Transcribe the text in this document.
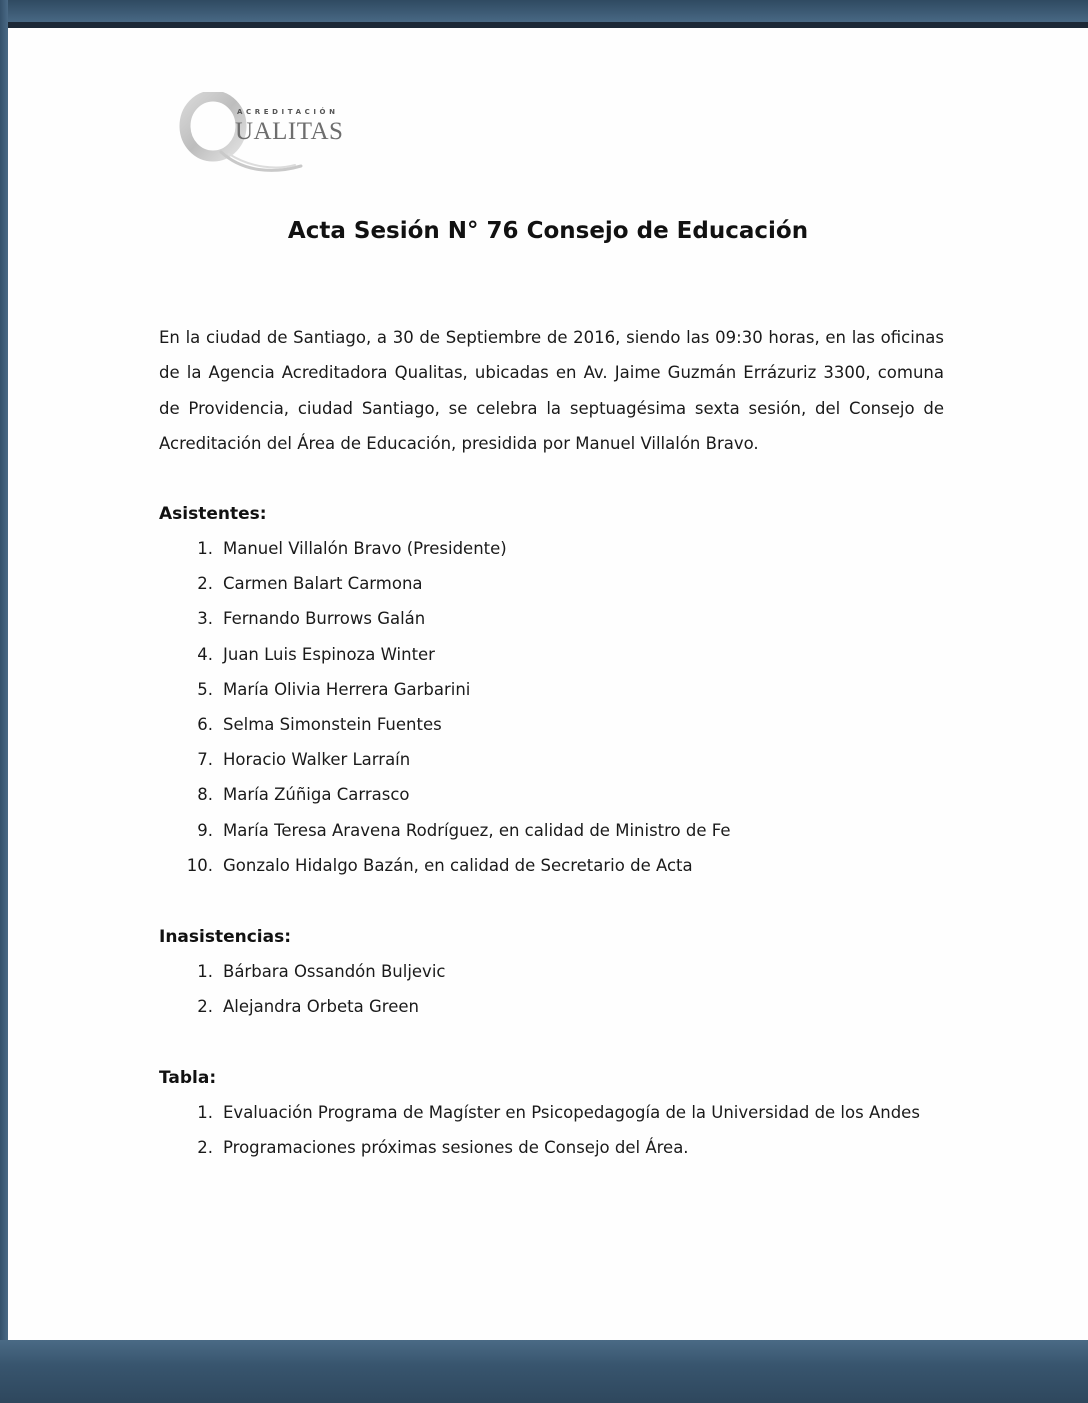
ACREDITACIÓN
UALITAS
Acta Sesión N° 76 Consejo de Educación

En la ciudad de Santiago, a 30 de Septiembre de 2016, siendo las 09:30 horas, en las oficinas de la Agencia Acreditadora Qualitas, ubicadas en Av. Jaime Guzmán Errázuriz 3300, comuna de Providencia, ciudad Santiago, se celebra la septuagésima sexta sesión, del Consejo de Acreditación del Área de Educación, presidida por Manuel Villalón Bravo.

Asistentes:
1. Manuel Villalón Bravo (Presidente)
2. Carmen Balart Carmona
3. Fernando Burrows Galán
4. Juan Luis Espinoza Winter
5. María Olivia Herrera Garbarini
6. Selma Simonstein Fuentes
7. Horacio Walker Larraín
8. María Zúñiga Carrasco
9. María Teresa Aravena Rodríguez, en calidad de Ministro de Fe
10. Gonzalo Hidalgo Bazán, en calidad de Secretario de Acta
Inasistencias:
1. Bárbara Ossandón Buljevic
2. Alejandra Orbeta Green
Tabla:
1. Evaluación Programa de Magíster en Psicopedagogía de la Universidad de los Andes
2. Programaciones próximas sesiones de Consejo del Área.
